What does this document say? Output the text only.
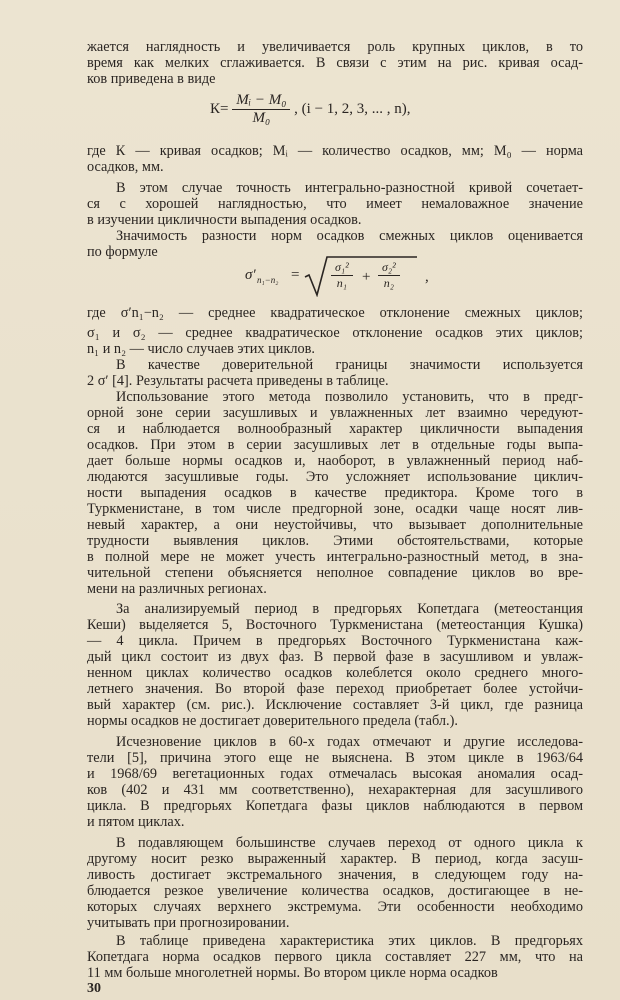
жается наглядность и увеличивается роль крупных циклов, в то
время как мелких сглаживается. В связи с этим на рис. кривая осад-
ков приведена в виде
$К= \frac{\text{Mᵢ − M₀}}{\text{M₀}}$ , (i − 1, 2, 3, ... , n),
где К — кривая осадков; Mᵢ — количество осадков, мм; M₀ — норма
осадков, мм.
В этом случае точность интегрально-разностной кривой сочетает-
ся с хорошей наглядностью, что имеет немаловажное значение
в изучении цикличности выпадения осадков.
Значимость разности норм осадков смежных циклов оценивается
по формуле
σ′ n₁−n₂ =	$\frac{\text{σ₁²}}{\text{n₁}} + \frac{\text{σ₂²}}{\text{n₂}}$ ,
где σ′n₁−n₂ — среднее квадратическое отклонение смежных циклов;
σ₁ и σ₂ — среднее квадратическое отклонение осадков этих циклов;
n₁ и n₂ — число случаев этих циклов.
В качестве доверительной границы значимости используется
2 σ′ [4]. Результаты расчета приведены в таблице.
Использование этого метода позволило установить, что в предг-
орной зоне серии засушливых и увлажненных лет взаимно чередуют-
ся и наблюдается волнообразный характер цикличности выпадения
осадков. При этом в серии засушливых лет в отдельные годы выпа-
дает больше нормы осадков и, наоборот, в увлажненный период наб-
людаются засушливые годы. Это усложняет использование циклич-
ности выпадения осадков в качестве предиктора. Кроме того в
Туркменистане, в том числе предгорной зоне, осадки чаще носят лив-
невый характер, а они неустойчивы, что вызывает дополнительные
трудности выявления циклов. Этими обстоятельствами, которые
в полной мере не может учесть интегрально-разностный метод, в зна-
чительной степени объясняется неполное совпадение циклов во вре-
мени на различных регионах.
За анализируемый период в предгорьях Копетдага (метеостанция
Кеши) выделяется 5, Восточного Туркменистана (метеостанция Кушка)
— 4 цикла. Причем в предгорьях Восточного Туркменистана каж-
дый цикл состоит из двух фаз. В первой фазе в засушливом и увлаж-
ненном циклах количество осадков колеблется около среднего много-
летнего значения. Во второй фазе переход приобретает более устойчи-
вый характер (см. рис.). Исключение составляет 3-й цикл, где разница
нормы осадков не достигает доверительного предела (табл.).
Исчезновение циклов в 60-х годах отмечают и другие исследова-
тели [5], причина этого еще не выяснена. В этом цикле в 1963/64
и 1968/69 вегетационных годах отмечалась высокая аномалия осад-
ков (402 и 431 мм соответственно), нехарактерная для засушливого
цикла. В предгорьях Копетдага фазы циклов наблюдаются в первом
и пятом циклах.
В подавляющем большинстве случаев переход от одного цикла к
другому носит резко выраженный характер. В период, когда засуш-
ливость достигает экстремального значения, в следующем году на-
блюдается резкое увеличение количества осадков, достигающее в не-
которых случаях верхнего экстремума. Эти особенности необходимо
30
учитывать при прогнозировании.
В таблице приведена характеристика этих циклов. В предгорьях
Копетдага норма осадков первого цикла составляет 227 мм, что на
11 мм больше многолетней нормы. Во втором цикле норма осадков
